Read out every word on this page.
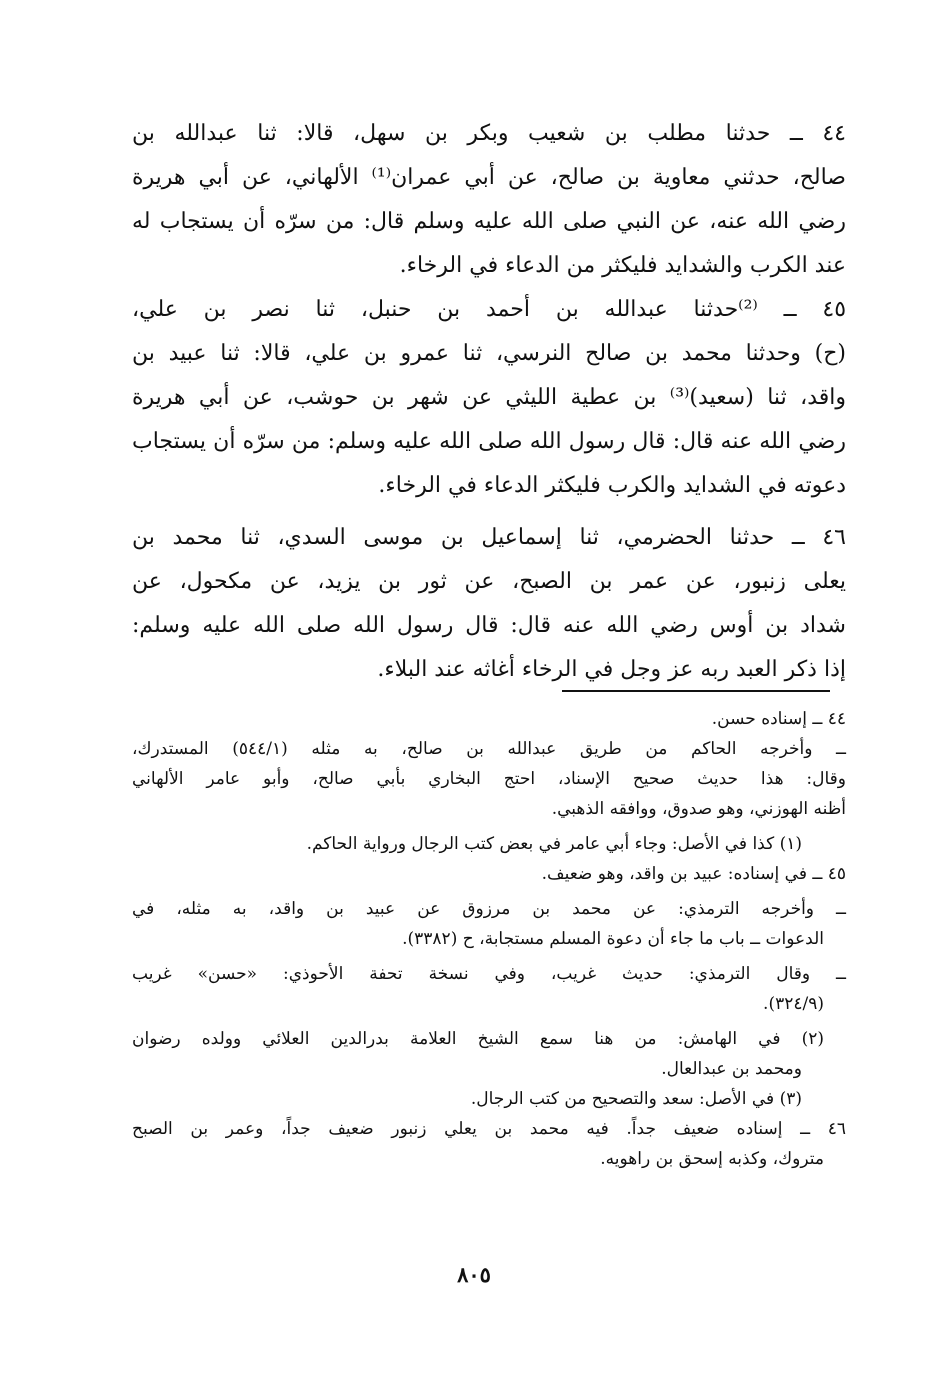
٤٤ ــ حدثنا مطلب بن شعيب وبكر بن سهل، قالا: ثنا عبدالله بن
صالح، حدثني معاوية بن صالح، عن أبي عمران⁽¹⁾ الألهاني، عن أبي هريرة
رضي الله عنه، عن النبي صلى الله عليه وسلم قال: من سرّه أن يستجاب له
عند الكرب والشدايد فليكثر من الدعاء في الرخاء.
٤٥ ــ ⁽²⁾حدثنا عبدالله بن أحمد بن حنبل، ثنا نصر بن علي،
(ح) وحدثنا محمد بن صالح النرسي، ثنا عمرو بن علي، قالا: ثنا عبيد بن
واقد، ثنا (سعيد)⁽³⁾ بن عطية الليثي عن شهر بن حوشب، عن أبي هريرة
رضي الله عنه قال: قال رسول الله صلى الله عليه وسلم: من سرّه أن يستجاب
دعوته في الشدايد والكرب فليكثر الدعاء في الرخاء.
٤٦ ــ حدثنا الحضرمي، ثنا إسماعيل بن موسى السدي، ثنا محمد بن
يعلى زنبور، عن عمر بن الصبح، عن ثور بن يزيد، عن مكحول، عن
شداد بن أوس رضي الله عنه قال: قال رسول الله صلى الله عليه وسلم:
إذا ذكر العبد ربه عز وجل في الرخاء أغاثه عند البلاء.
٤٤ ــ إسناده حسن.
ــ وأخرجه الحاكم من طريق عبدالله بن صالح، به مثله (٥٤٤/١) المستدرك،
وقال: هذا حديث صحيح الإسناد، احتج البخاري بأبي صالح، وأبو عامر الألهاني
أظنه الهوزني، وهو صدوق، ووافقه الذهبي.
(١) كذا في الأصل: وجاء أبي عامر في بعض كتب الرجال ورواية الحاكم.
٤٥ ــ في إسناده: عبيد بن واقد، وهو ضعيف.
ــ وأخرجه الترمذي: عن محمد بن مرزوق عن عبيد بن واقد، به مثله، في
الدعوات ــ باب ما جاء أن دعوة المسلم مستجابة، ح (٣٣٨٢).
ــ وقال الترمذي: حديث غريب، وفي نسخة تحفة الأحوذي: «حسن» غريب
(٣٢٤/٩).
(٢) في الهامش: من هنا سمع الشيخ العلامة بدرالدين العلائي وولده رضوان
ومحمد بن عبدالعال.
(٣) في الأصل: سعد والتصحيح من كتب الرجال.
٤٦ ــ إسناده ضعيف جداً. فيه محمد بن يعلي زنبور ضعيف جداً، وعمر بن الصبح
متروك، وكذبه إسحق بن راهويه.
٨٠٥
